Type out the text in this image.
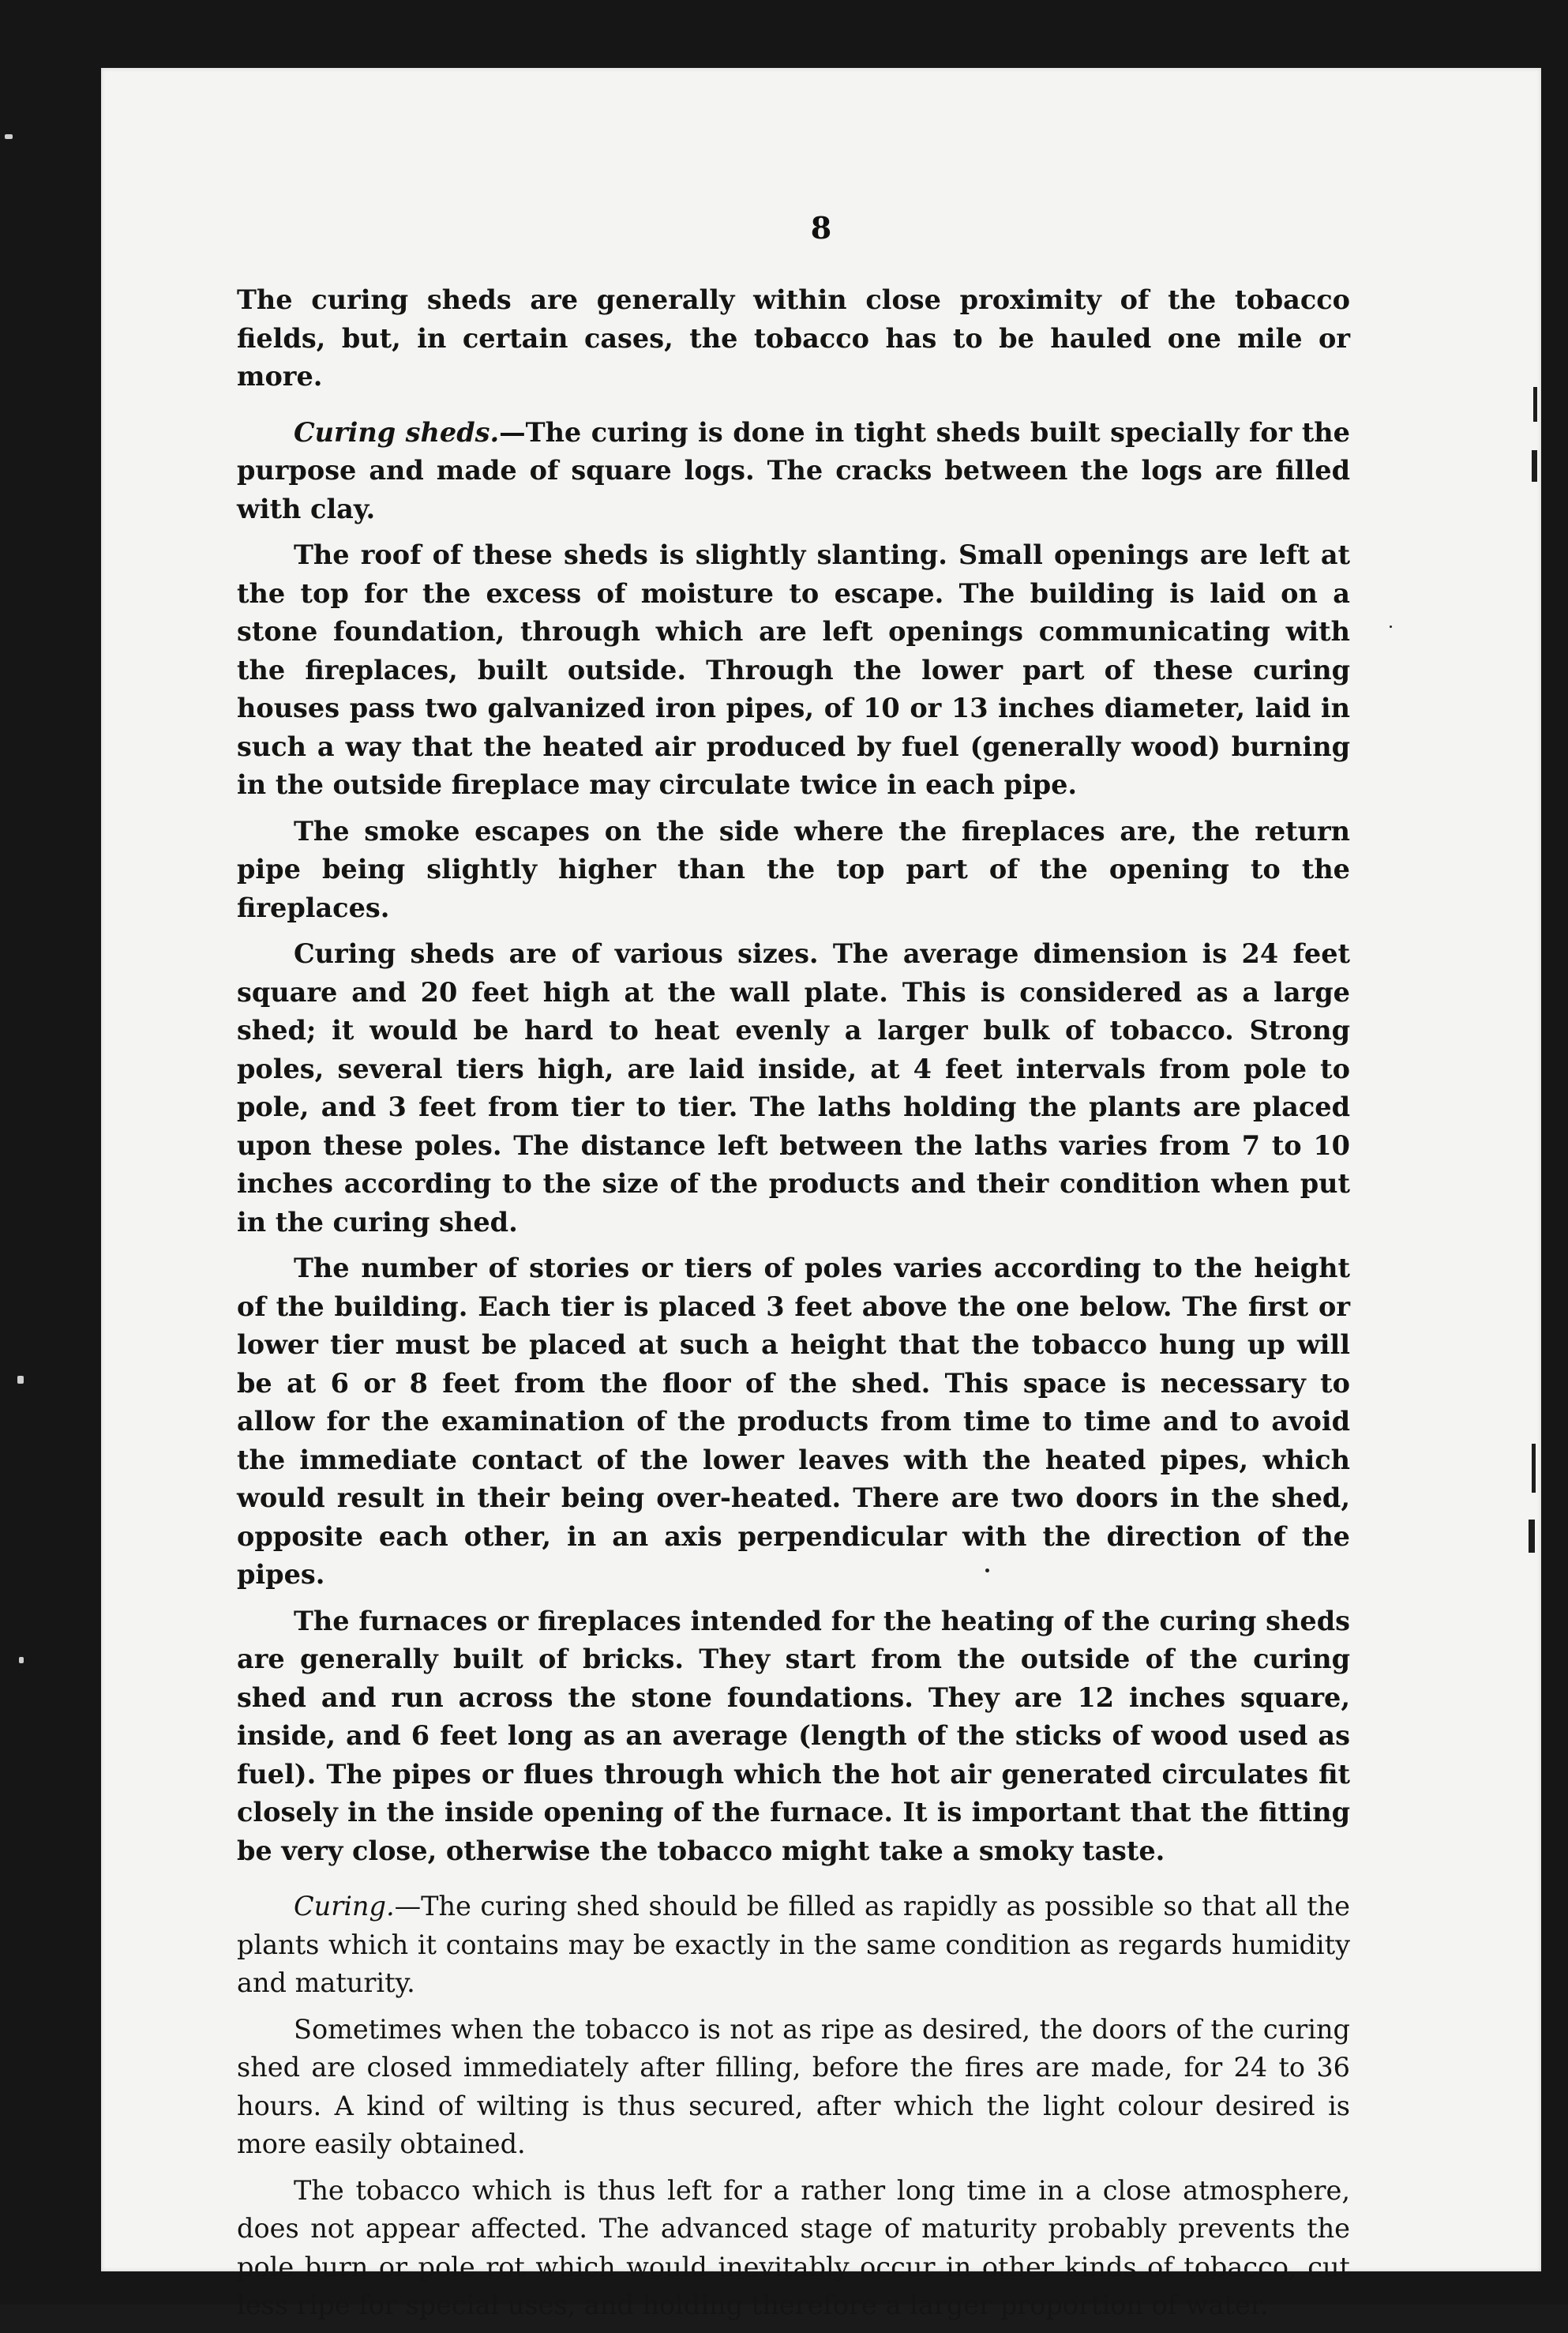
8

The curing sheds are generally within close proximity of the tobacco fields, but, in certain cases, the tobacco has to be hauled one mile or more.

Curing sheds.—The curing is done in tight sheds built specially for the purpose and made of square logs. The cracks between the logs are filled with clay.

The roof of these sheds is slightly slanting. Small openings are left at the top for the excess of moisture to escape. The building is laid on a stone foundation, through which are left openings communicating with the fireplaces, built outside. Through the lower part of these curing houses pass two galvanized iron pipes, of 10 or 13 inches diameter, laid in such a way that the heated air produced by fuel (generally wood) burning in the outside fireplace may circulate twice in each pipe.

The smoke escapes on the side where the fireplaces are, the return pipe being slightly higher than the top part of the opening to the fireplaces.

Curing sheds are of various sizes. The average dimension is 24 feet square and 20 feet high at the wall plate. This is considered as a large shed; it would be hard to heat evenly a larger bulk of tobacco. Strong poles, several tiers high, are laid inside, at 4 feet intervals from pole to pole, and 3 feet from tier to tier. The laths holding the plants are placed upon these poles. The distance left between the laths varies from 7 to 10 inches according to the size of the products and their condition when put in the curing shed.

The number of stories or tiers of poles varies according to the height of the building. Each tier is placed 3 feet above the one below. The first or lower tier must be placed at such a height that the tobacco hung up will be at 6 or 8 feet from the floor of the shed. This space is necessary to allow for the examination of the products from time to time and to avoid the immediate contact of the lower leaves with the heated pipes, which would result in their being over-heated. There are two doors in the shed, opposite each other, in an axis perpendicular with the direction of the pipes.

The furnaces or fireplaces intended for the heating of the curing sheds are generally built of bricks. They start from the outside of the curing shed and run across the stone foundations. They are 12 inches square, inside, and 6 feet long as an average (length of the sticks of wood used as fuel). The pipes or flues through which the hot air generated circulates fit closely in the inside opening of the furnace. It is important that the fitting be very close, otherwise the tobacco might take a smoky taste.

Curing.—The curing shed should be filled as rapidly as possible so that all the plants which it contains may be exactly in the same condition as regards humidity and maturity.

Sometimes when the tobacco is not as ripe as desired, the doors of the curing shed are closed immediately after filling, before the fires are made, for 24 to 36 hours. A kind of wilting is thus secured, after which the light colour desired is more easily obtained.

The tobacco which is thus left for a rather long time in a close atmosphere, does not appear affected. The advanced stage of maturity probably prevents the pole burn or pole rot which would inevitably occur in other kinds of tobacco, cut less ripe for special uses, and holding therefore a larger proportion of water.
